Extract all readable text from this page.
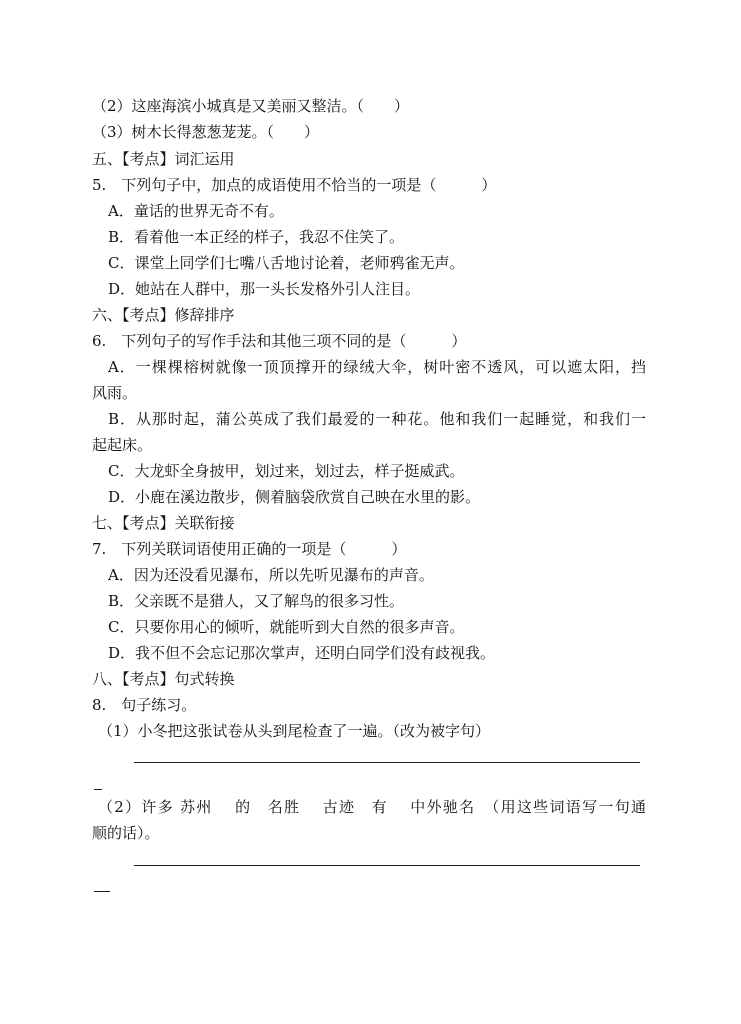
（2）这座海滨小城真是又美丽又整洁。（　　）
（3）树木长得葱葱茏茏。（　　）
五、【考点】词汇运用
5.　下列句子中，加点的成语使用不恰当的一项是（　　　）
A．童话的世界无奇不有。
B．看着他一本正经的样子，我忍不住笑了。
C．课堂上同学们七嘴八舌地讨论着，老师鸦雀无声。
D．她站在人群中，那一头长发格外引人注目。
六、【考点】修辞排序
6.　下列句子的写作手法和其他三项不同的是（　　　）
A．一棵棵榕树就像一顶顶撑开的绿绒大伞，树叶密不透风，可以遮太阳，挡
风雨。
B．从那时起，蒲公英成了我们最爱的一种花。他和我们一起睡觉，和我们一
起起床。
C．大龙虾全身披甲，划过来，划过去，样子挺威武。
D．小鹿在溪边散步，侧着脑袋欣赏自己映在水里的影。
七、【考点】关联衔接
7.　下列关联词语使用正确的一项是（　　　）
A．因为还没看见瀑布，所以先听见瀑布的声音。
B．父亲既不是猎人，又了解鸟的很多习性。
C．只要你用心的倾听，就能听到大自然的很多声音。
D．我不但不会忘记那次掌声，还明白同学们没有歧视我。
八、【考点】句式转换
8.　句子练习。
（1）小冬把这张试卷从头到尾检查了一遍。（改为被字句）
（2）许多 苏州　 的　名胜　 古迹　有　 中外驰名　（用这些词语写一句通
顺的话）。
